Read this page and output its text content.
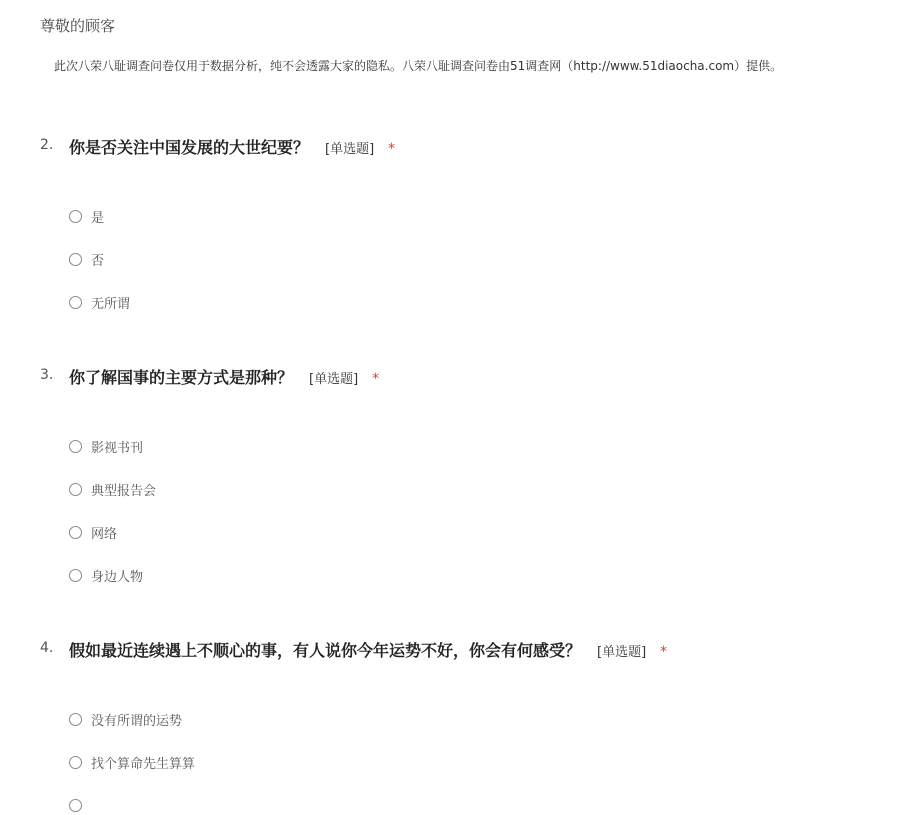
尊敬的顾客
此次八荣八耻调查问卷仅用于数据分析，纯不会透露大家的隐私。八荣八耻调查问卷由51调查网（http://www.51diaocha.com）提供。
2. 你是否关注中国发展的大世纪要？ [单选题] *
是
否
无所谓
3. 你了解国事的主要方式是那种？ [单选题] *
影视书刊
典型报告会
网络
身边人物
4. 假如最近连续遇上不顺心的事，有人说你今年运势不好，你会有何感受？ [单选题] *
没有所谓的运势
找个算命先生算算
